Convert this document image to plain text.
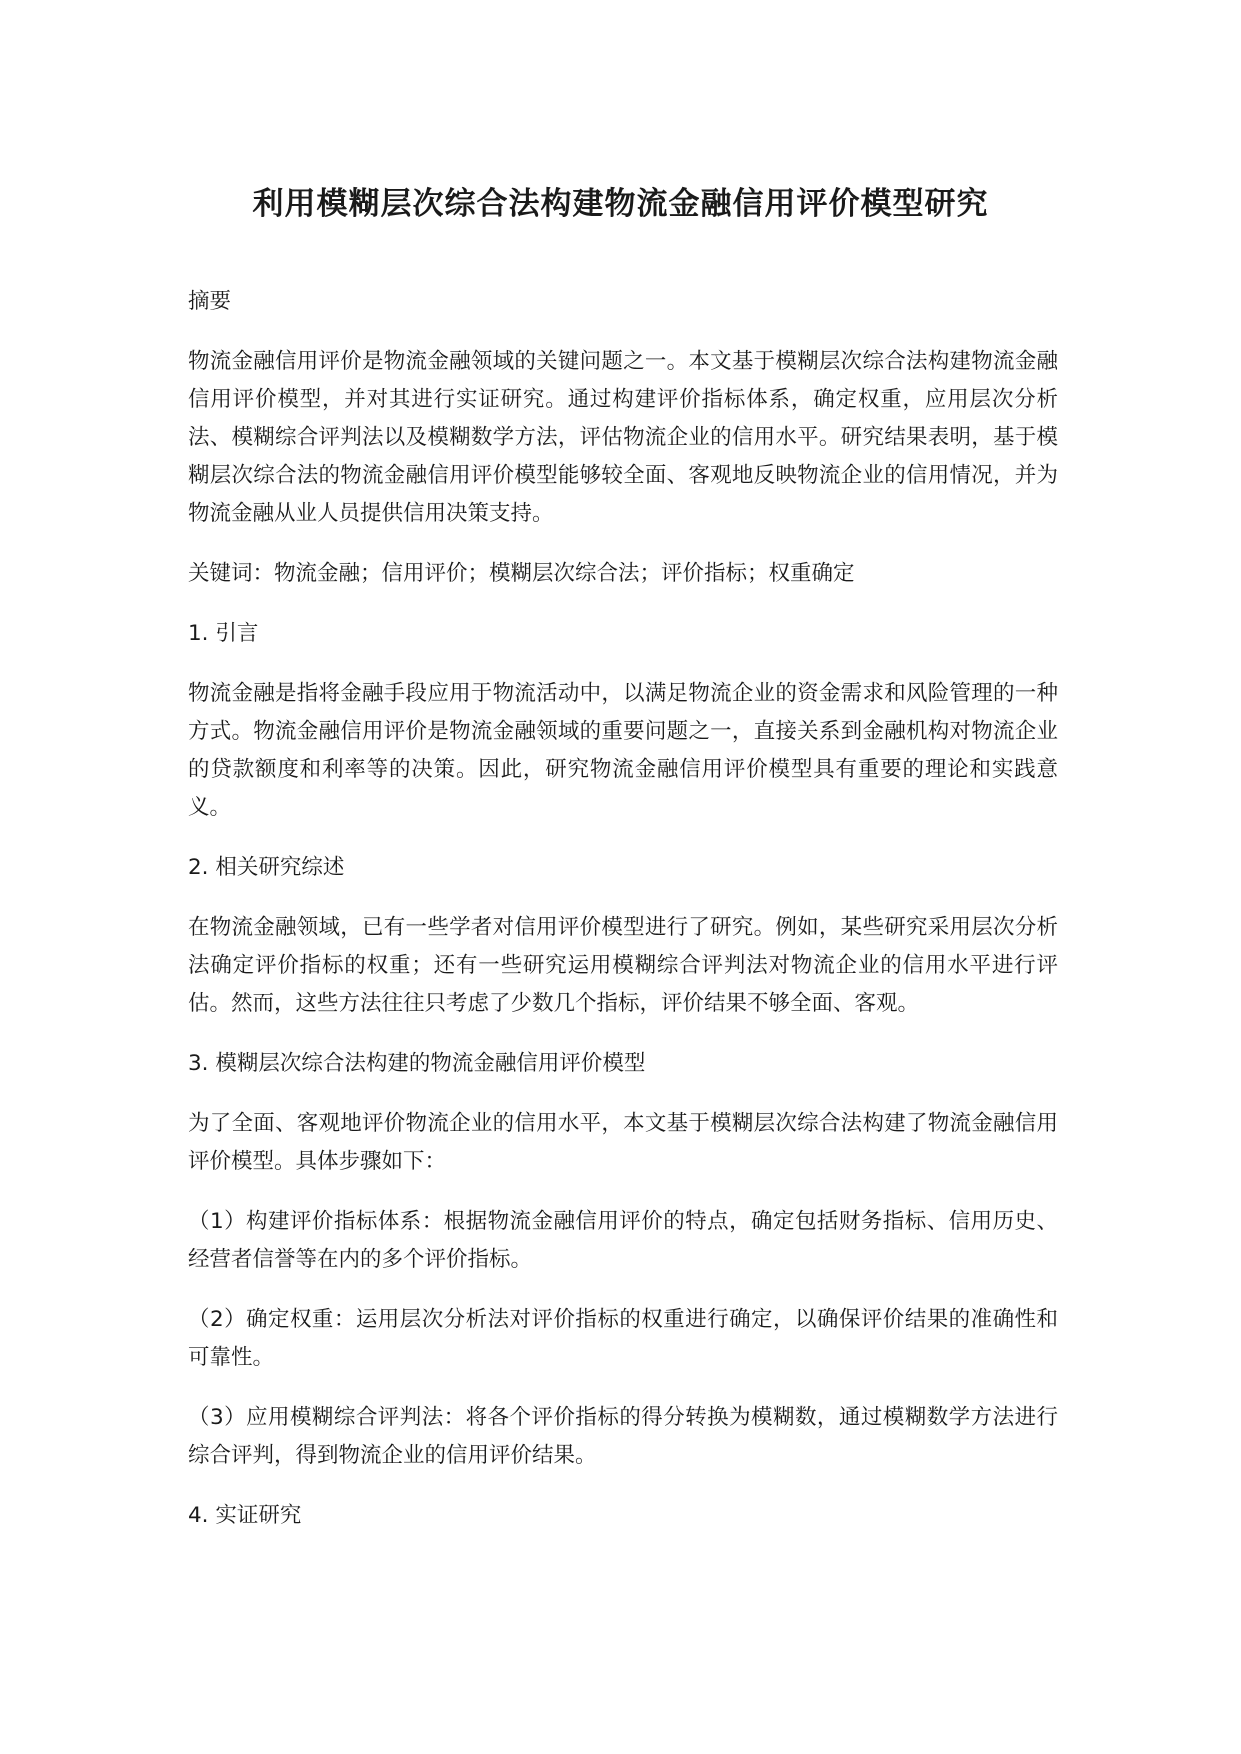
利用模糊层次综合法构建物流金融信用评价模型研究

摘要

物流金融信用评价是物流金融领域的关键问题之一。本文基于模糊层次综合法构建物流金融信用评价模型，并对其进行实证研究。通过构建评价指标体系，确定权重，应用层次分析法、模糊综合评判法以及模糊数学方法，评估物流企业的信用水平。研究结果表明，基于模糊层次综合法的物流金融信用评价模型能够较全面、客观地反映物流企业的信用情况，并为物流金融从业人员提供信用决策支持。

关键词：物流金融；信用评价；模糊层次综合法；评价指标；权重确定

1. 引言

物流金融是指将金融手段应用于物流活动中，以满足物流企业的资金需求和风险管理的一种方式。物流金融信用评价是物流金融领域的重要问题之一，直接关系到金融机构对物流企业的贷款额度和利率等的决策。因此，研究物流金融信用评价模型具有重要的理论和实践意义。

2. 相关研究综述

在物流金融领域，已有一些学者对信用评价模型进行了研究。例如，某些研究采用层次分析法确定评价指标的权重；还有一些研究运用模糊综合评判法对物流企业的信用水平进行评估。然而，这些方法往往只考虑了少数几个指标，评价结果不够全面、客观。

3. 模糊层次综合法构建的物流金融信用评价模型

为了全面、客观地评价物流企业的信用水平，本文基于模糊层次综合法构建了物流金融信用评价模型。具体步骤如下：

（1）构建评价指标体系：根据物流金融信用评价的特点，确定包括财务指标、信用历史、经营者信誉等在内的多个评价指标。

（2）确定权重：运用层次分析法对评价指标的权重进行确定，以确保评价结果的准确性和可靠性。

（3）应用模糊综合评判法：将各个评价指标的得分转换为模糊数，通过模糊数学方法进行综合评判，得到物流企业的信用评价结果。

4. 实证研究
